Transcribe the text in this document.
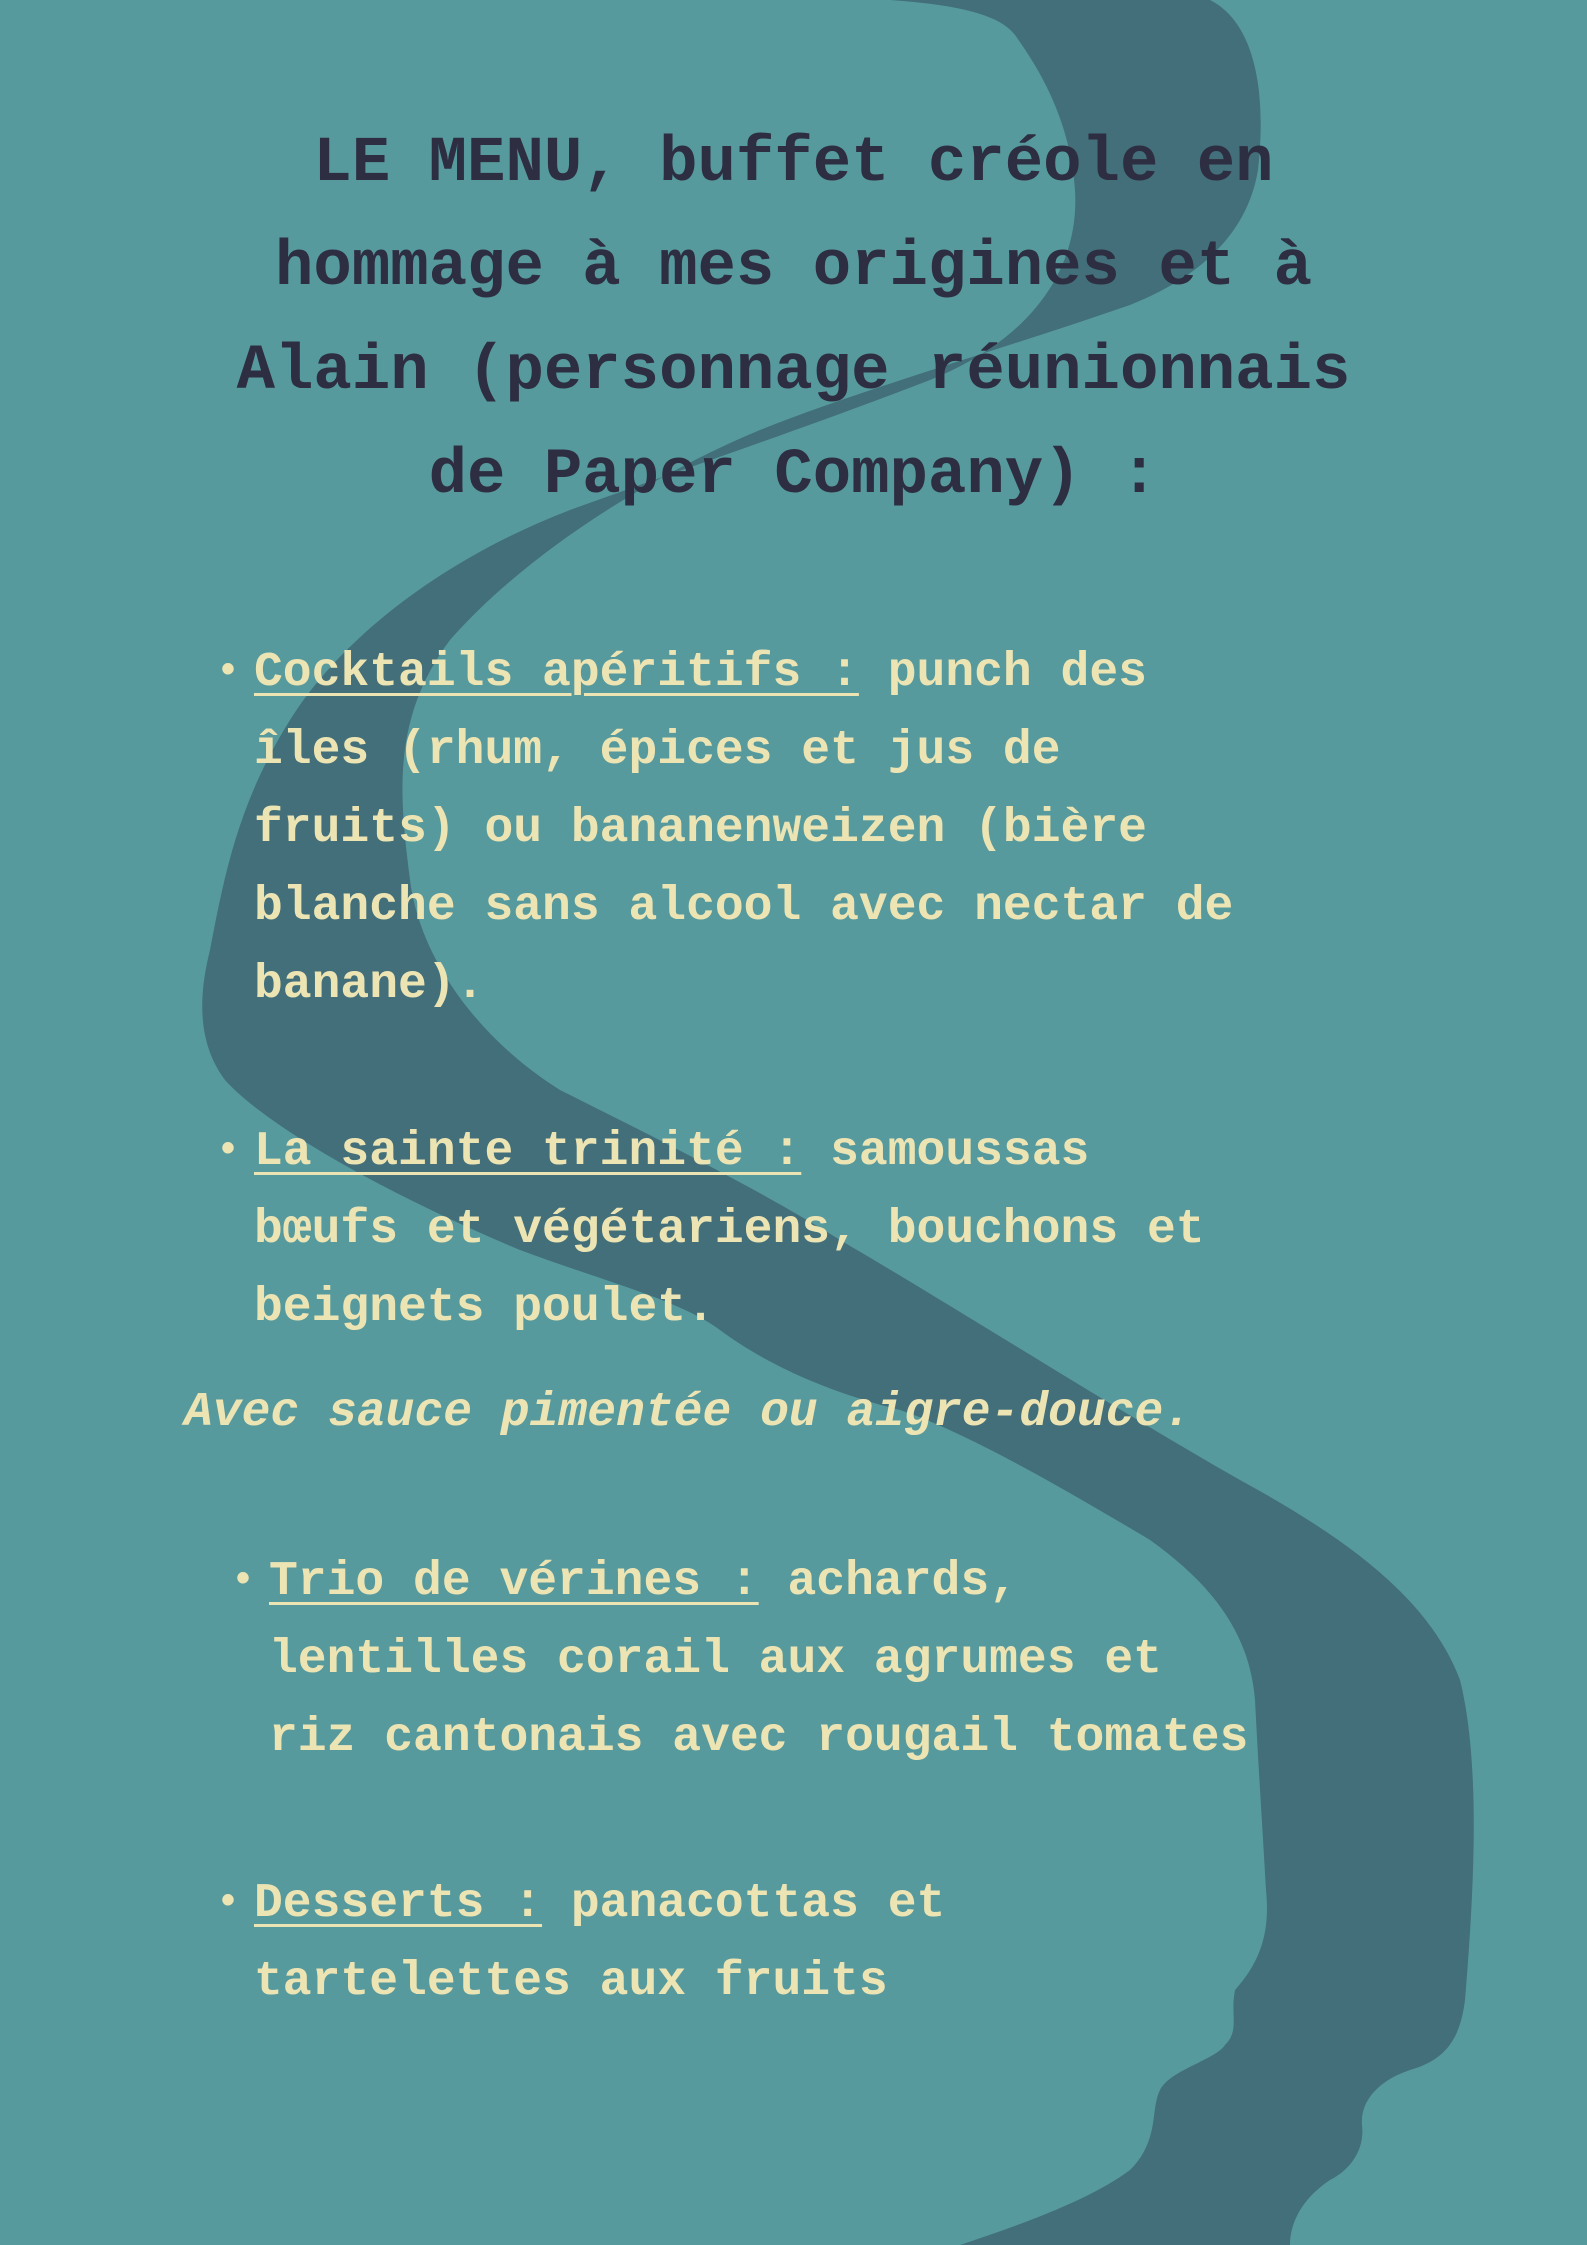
LE MENU, buffet créole en
hommage à mes origines et à
Alain (personnage réunionnais
de Paper Company) :
• Cocktails apéritifs : punch des
îles (rhum, épices et jus de
fruits) ou bananenweizen (bière
blanche sans alcool avec nectar de
banane).
• La sainte trinité : samoussas
bœufs et végétariens, bouchons et
beignets poulet.
Avec sauce pimentée ou aigre-douce.
• Trio de vérines : achards,
lentilles corail aux agrumes et
riz cantonais avec rougail tomates
• Desserts : panacottas et
tartelettes aux fruits
